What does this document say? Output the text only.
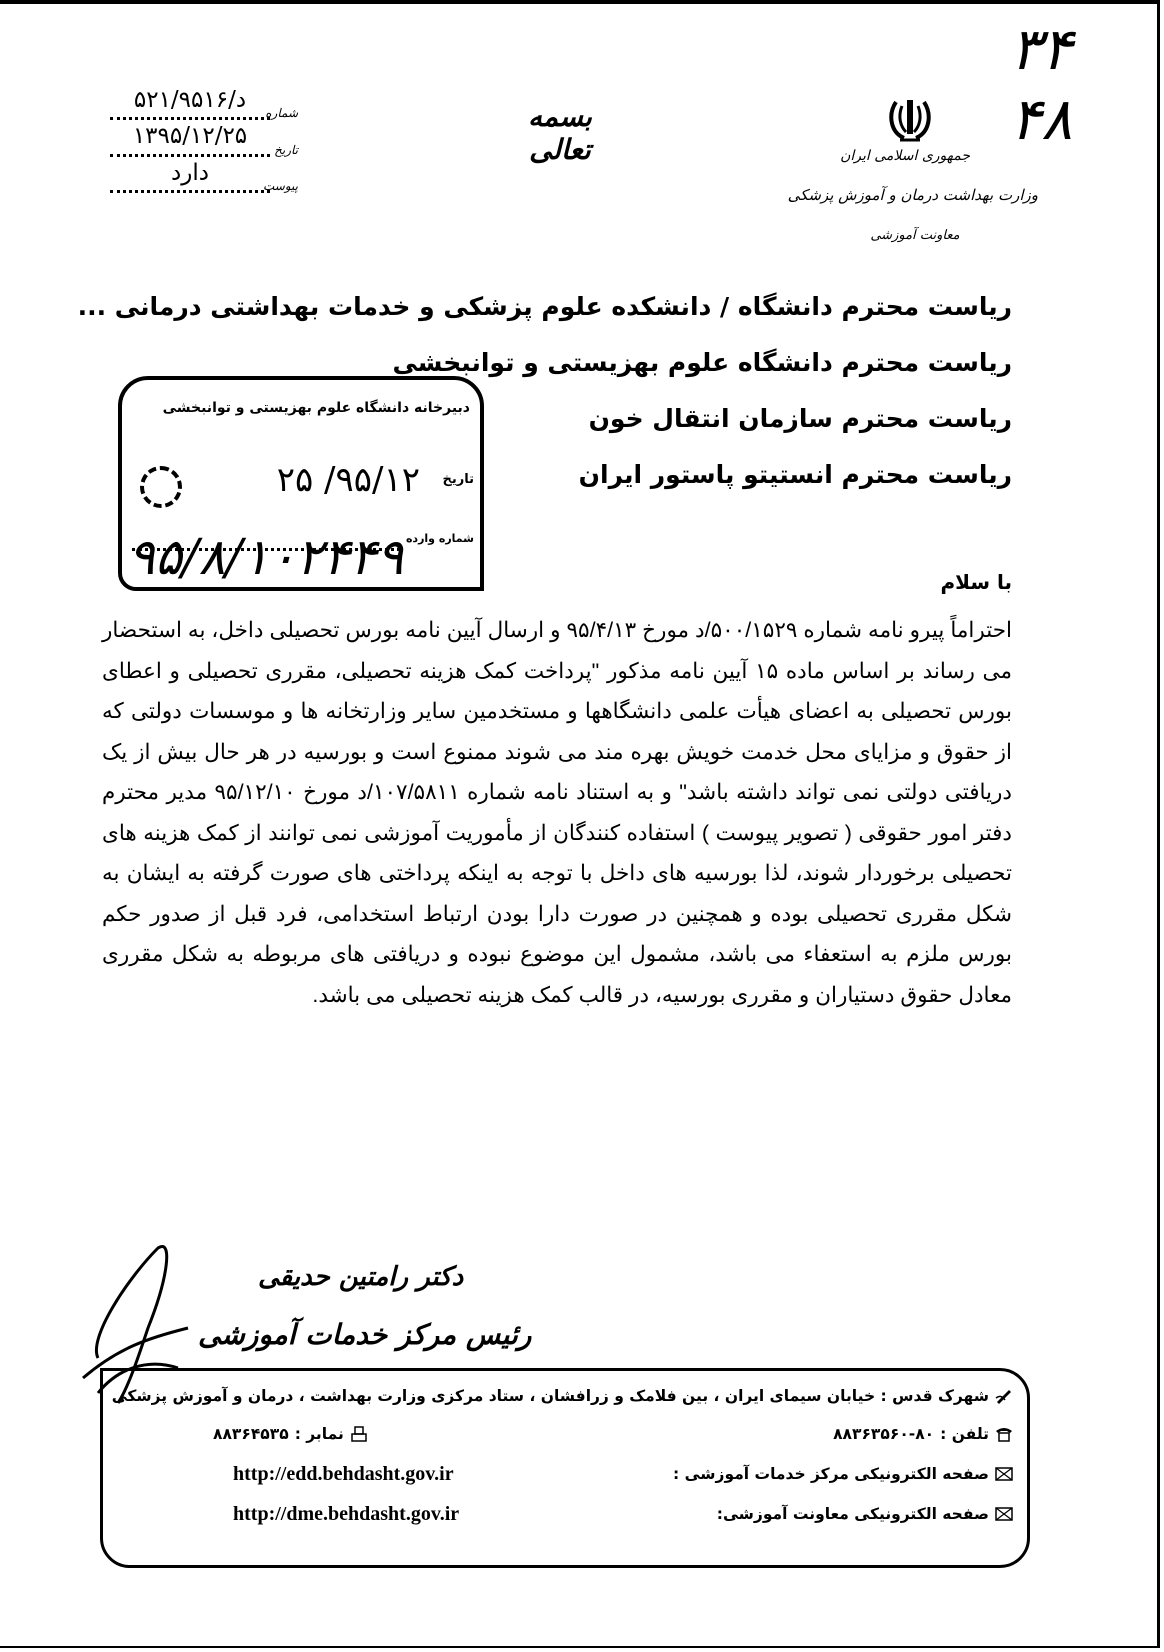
۳۴
۴۸
جمهوری اسلامی ایران
وزارت بهداشت درمان و آموزش پزشکی
معاونت آموزشی
بسمه تعالی
د/۵۲۱/۹۵۱۶
شماره
۱۳۹۵/۱۲/۲۵
تاریخ
دارد
پیوست
ریاست محترم دانشگاه / دانشکده علوم پزشکی و خدمات بهداشتی درمانی ...
ریاست محترم دانشگاه علوم بهزیستی و توانبخشی
ریاست محترم سازمان انتقال خون
ریاست محترم انستیتو پاستور ایران
دبیرخانه دانشگاه علوم بهزیستی و توانبخشی
تاریخ
۹۵/۱۲/ ۲۵
شماره وارده
۹۵/۸/۱۰۲۴۴۹	با سلام
احتراماً پیرو نامه شماره ۵۰۰/۱۵۲۹/د مورخ ۹۵/۴/۱۳ و ارسال آیین نامه بورس تحصیلی داخل، به استحضار می رساند بر اساس ماده ۱۵ آیین نامه مذکور "پرداخت کمک هزینه تحصیلی، مقرری تحصیلی و اعطای بورس تحصیلی به اعضای هیأت علمی دانشگاهها و مستخدمین سایر وزارتخانه ها و موسسات دولتی که از حقوق و مزایای محل خدمت خویش بهره مند می شوند ممنوع است و بورسیه در هر حال بیش از یک دریافتی دولتی نمی تواند داشته باشد" و به استناد نامه شماره ۱۰۷/۵۸۱۱/د مورخ ۹۵/۱۲/۱۰ مدیر محترم دفتر امور حقوقی ( تصویر پیوست ) استفاده کنندگان از مأموریت آموزشی نمی توانند از کمک هزینه های تحصیلی برخوردار شوند، لذا بورسیه های داخل با توجه به اینکه پرداختی های صورت گرفته به ایشان به شکل مقرری تحصیلی بوده و همچنین در صورت دارا بودن ارتباط استخدامی، فرد قبل از صدور حکم بورس ملزم به استعفاء می باشد، مشمول این موضوع نبوده و دریافتی های مربوطه به شکل مقرری معادل حقوق دستیاران و مقرری بورسیه، در قالب کمک هزینه تحصیلی می باشد.
دکتر رامتین حدیقی
رئیس مرکز خدمات آموزشی
شهرک قدس : خیابان سیمای ایران ، بین فلامک و زرافشان ، ستاد مرکزی وزارت بهداشت ، درمان و آموزش پزشکی
تلفن :
۸۸۳۶۳۵۶۰-۸۰
نمابر :
۸۸۳۶۴۵۳۵
صفحه الکترونیکی مرکز خدمات آموزشی :
http://edd.behdasht.gov.ir
صفحه الکترونیکی معاونت آموزشی:
http://dme.behdasht.gov.ir
